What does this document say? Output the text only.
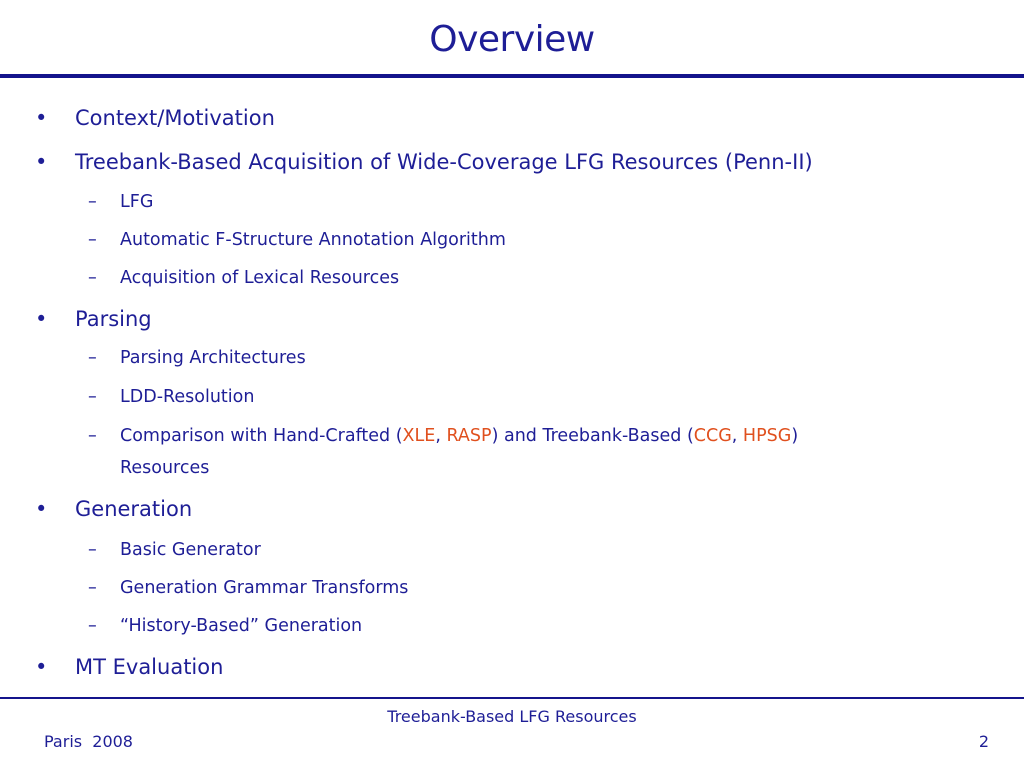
Overview
• Context/Motivation
• Treebank-Based Acquisition of Wide-Coverage LFG Resources (Penn-II)
– LFG
– Automatic F-Structure Annotation Algorithm
– Acquisition of Lexical Resources
• Parsing
– Parsing Architectures
– LDD-Resolution
– Comparison with Hand-Crafted (XLE, RASP) and Treebank-Based (CCG, HPSG)
Resources
• Generation
– Basic Generator
– Generation Grammar Transforms
– “History-Based” Generation
• MT Evaluation
Treebank-Based LFG Resources
Paris  2008	2
